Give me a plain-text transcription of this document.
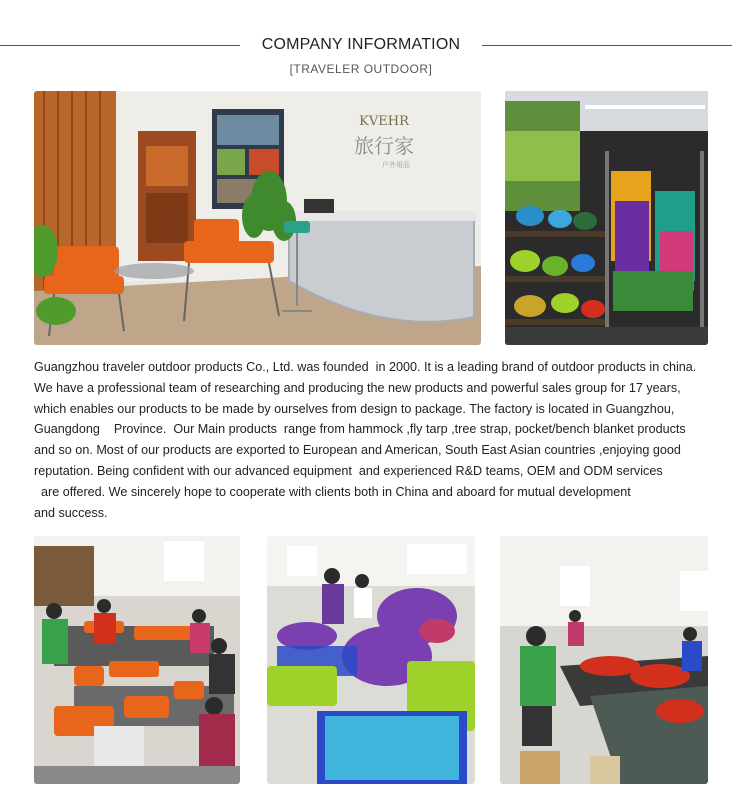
COMPANY INFORMATION
[TRAVELER OUTDOOR]
KVEHR
旅行家
户外用品
Guangzhou traveler outdoor products Co., Ltd. was founded  in 2000. It is a leading brand of outdoor products in china.
We have a professional team of researching and producing the new products and powerful sales group for 17 years,
which enables our products to be made by ourselves from design to package. The factory is located in Guangzhou,
Guangdong    Province.  Our Main products  range from hammock ,fly tarp ,tree strap, pocket/bench blanket products
and so on. Most of our products are exported to European and American, South East Asian countries ,enjoying good
reputation. Being confident with our advanced equipment  and experienced R&D teams, OEM and ODM services
are offered. We sincerely hope to cooperate with clients both in China and aboard for mutual development
and success.
